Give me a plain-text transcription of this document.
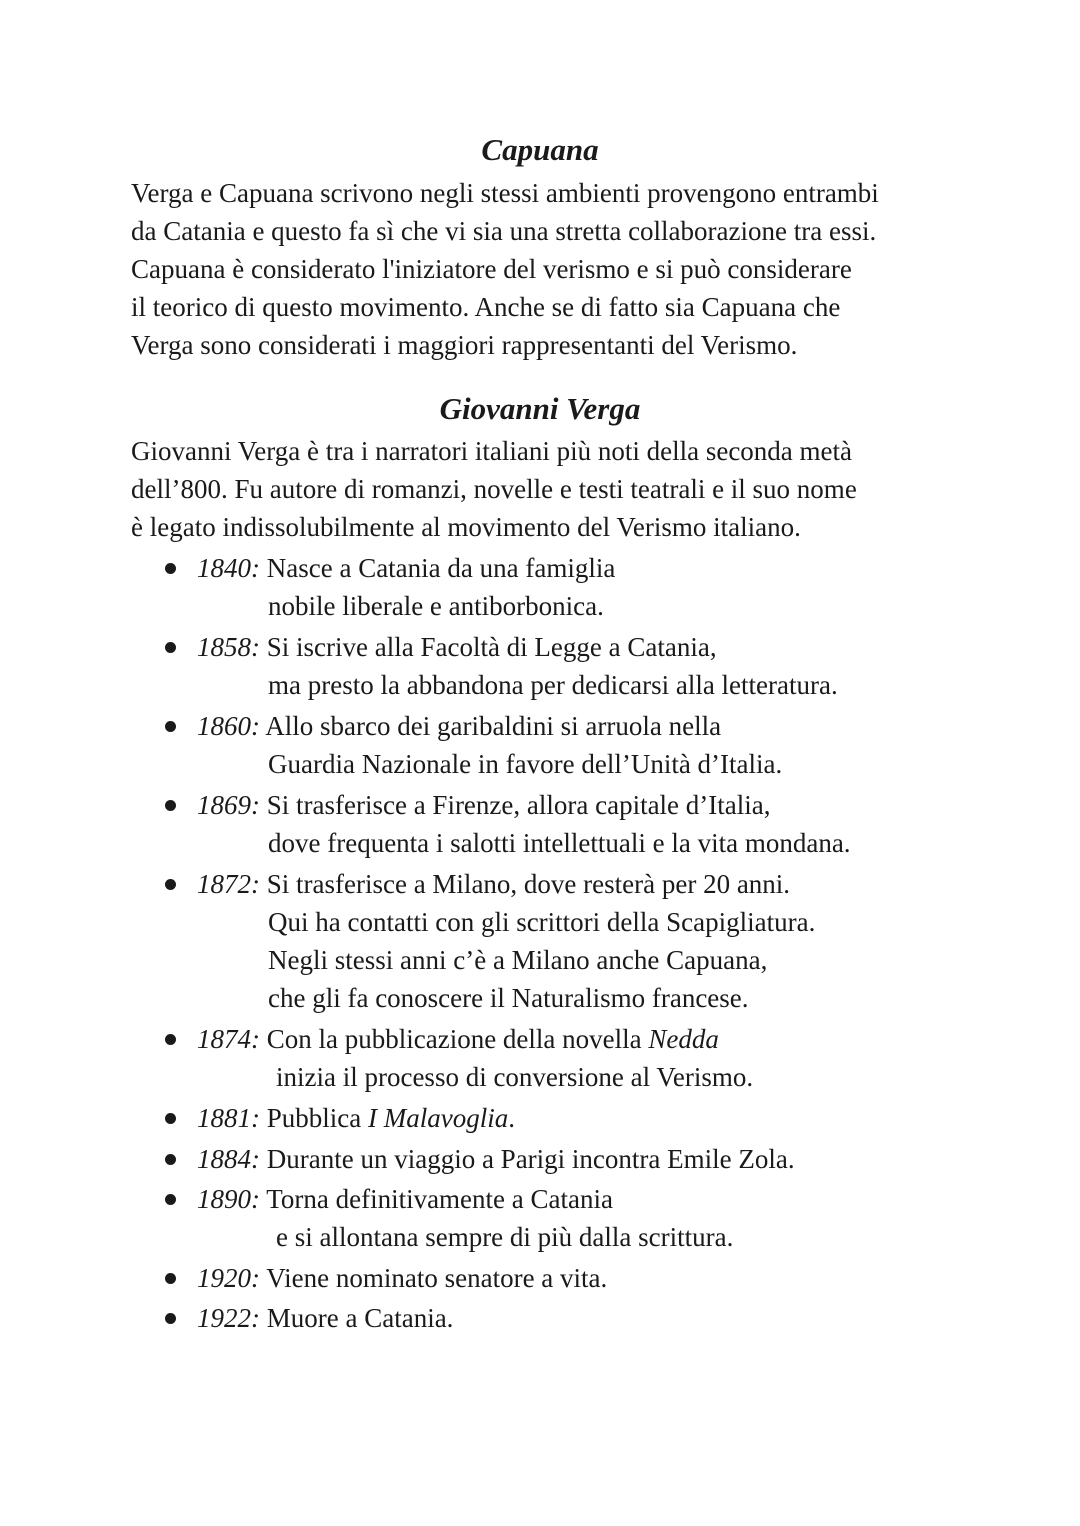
Capuana

Verga e Capuana scrivono negli stessi ambienti provengono entrambi

da Catania e questo fa sì che vi sia una stretta collaborazione tra essi.

Capuana è considerato l'iniziatore del verismo e si può considerare

il teorico di questo movimento. Anche se di fatto sia Capuana che

Verga sono considerati i maggiori rappresentanti del Verismo.

Giovanni Verga

Giovanni Verga è tra i narratori italiani più noti della seconda metà

dell’800. Fu autore di romanzi, novelle e testi teatrali e il suo nome

è legato indissolubilmente al movimento del Verismo italiano.

1840: Nasce a Catania da una famiglia
nobile liberale e antiborbonica.
1858: Si iscrive alla Facoltà di Legge a Catania,
ma presto la abbandona per dedicarsi alla letteratura.
1860: Allo sbarco dei garibaldini si arruola nella
Guardia Nazionale in favore dell’Unità d’Italia.
1869: Si trasferisce a Firenze, allora capitale d’Italia,
dove frequenta i salotti intellettuali e la vita mondana.
1872: Si trasferisce a Milano, dove resterà per 20 anni.
Qui ha contatti con gli scrittori della Scapigliatura.
Negli stessi anni c’è a Milano anche Capuana,
che gli fa conoscere il Naturalismo francese.
1874: Con la pubblicazione della novella Nedda
inizia il processo di conversione al Verismo.
1881: Pubblica I Malavoglia.
1884: Durante un viaggio a Parigi incontra Emile Zola.
1890: Torna definitivamente a Catania
e si allontana sempre di più dalla scrittura.
1920: Viene nominato senatore a vita.
1922: Muore a Catania.
